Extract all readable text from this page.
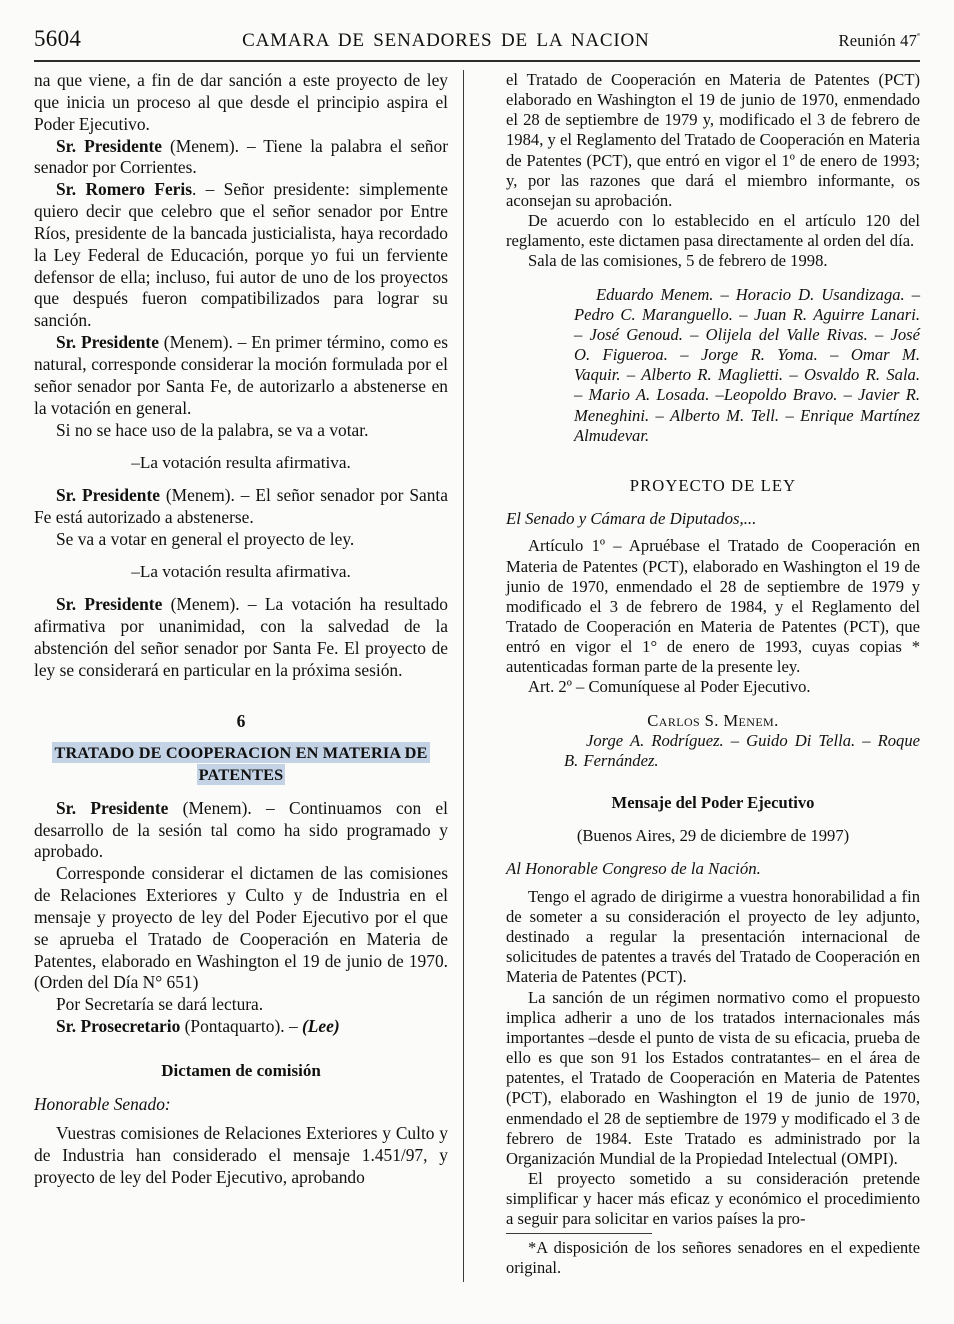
5604	CAMARA DE SENADORES DE LA NACION	Reunión $47^ª$

na que viene, a fin de dar sanción a este proyecto de ley que inicia un proceso al que desde el principio aspira el Poder Ejecutivo.

Sr. Presidente (Menem). – Tiene la palabra el señor senador por Corrientes.

Sr. Romero Feris. – Señor presidente: simplemente quiero decir que celebro que el señor senador por Entre Ríos, presidente de la bancada justicialista, haya recordado la Ley Federal de Educación, porque yo fui un ferviente defensor de ella; incluso, fui autor de uno de los proyectos que después fueron compatibilizados para lograr su sanción.

Sr. Presidente (Menem). – En primer término, como es natural, corresponde considerar la moción formulada por el señor senador por Santa Fe, de autorizarlo a abstenerse en la votación en general.

Si no se hace uso de la palabra, se va a votar.

–La votación resulta afirmativa.

Sr. Presidente (Menem). – El señor senador por Santa Fe está autorizado a abstenerse.

Se va a votar en general el proyecto de ley.

–La votación resulta afirmativa.

Sr. Presidente (Menem). – La votación ha resultado afirmativa por unanimidad, con la salvedad de la abstención del señor senador por Santa Fe. El proyecto de ley se considerará en particular en la próxima sesión.

6

TRATADO DE COOPERACION EN MATERIA DE PATENTES

Sr. Presidente (Menem). – Continuamos con el desarrollo de la sesión tal como ha sido programado y aprobado.

Corresponde considerar el dictamen de las comisiones de Relaciones Exteriores y Culto y de Industria en el mensaje y proyecto de ley del Poder Ejecutivo por el que se aprueba el Tratado de Cooperación en Materia de Patentes, elaborado en Washington el 19 de junio de 1970. (Orden del Día N° 651)

Por Secretaría se dará lectura.

Sr. Prosecretario (Pontaquarto). – (Lee)

Dictamen de comisión

Honorable Senado:

Vuestras comisiones de Relaciones Exteriores y Culto y de Industria han considerado el mensaje 1.451/97, y proyecto de ley del Poder Ejecutivo, aprobando

el Tratado de Cooperación en Materia de Patentes (PCT) elaborado en Washington el 19 de junio de 1970, enmendado el 28 de septiembre de 1979 y, modificado el 3 de febrero de 1984, y el Reglamento del Tratado de Cooperación en Materia de Patentes (PCT), que entró en vigor el 1º de enero de 1993; y, por las razones que dará el miembro informante, os aconsejan su aprobación.

De acuerdo con lo establecido en el artículo 120 del reglamento, este dictamen pasa directamente al orden del día.

Sala de las comisiones, 5 de febrero de 1998.

Eduardo Menem. – Horacio D. Usandizaga. – Pedro C. Maranguello. – Juan R. Aguirre Lanari. – José Genoud. – Olijela del Valle Rivas. – José O. Figueroa. – Jorge R. Yoma. – Omar M. Vaquir. – Alberto R. Maglietti. – Osvaldo R. Sala. – Mario A. Losada. –Leopoldo Bravo. – Javier R. Meneghini. – Alberto M. Tell. – Enrique Martínez Almudevar.

PROYECTO DE LEY

El Senado y Cámara de Diputados,...

Artículo 1º – Apruébase el Tratado de Cooperación en Materia de Patentes (PCT), elaborado en Washington el 19 de junio de 1970, enmendado el 28 de septiembre de 1979 y modificado el 3 de febrero de 1984, y el Reglamento del Tratado de Cooperación en Materia de Patentes (PCT), que entró en vigor el 1° de enero de 1993, cuyas copias * autenticadas forman parte de la presente ley.

Art. 2º – Comuníquese al Poder Ejecutivo.

Carlos S. Menem.

Jorge A. Rodríguez. – Guido Di Tella. – Roque B. Fernández.

Mensaje del Poder Ejecutivo

(Buenos Aires, 29 de diciembre de 1997)

Al Honorable Congreso de la Nación.

Tengo el agrado de dirigirme a vuestra honorabilidad a fin de someter a su consideración el proyecto de ley adjunto, destinado a regular la presentación internacional de solicitudes de patentes a través del Tratado de Cooperación en Materia de Patentes (PCT).

La sanción de un régimen normativo como el propuesto implica adherir a uno de los tratados internacionales más importantes –desde el punto de vista de su eficacia, prueba de ello es que son 91 los Estados contratantes– en el área de patentes, el Tratado de Cooperación en Materia de Patentes (PCT), elaborado en Washington el 19 de junio de 1970, enmendado el 28 de septiembre de 1979 y modificado el 3 de febrero de 1984. Este Tratado es administrado por la Organización Mundial de la Propiedad Intelectual (OMPI).

El proyecto sometido a su consideración pretende simplificar y hacer más eficaz y económico el procedimiento a seguir para solicitar en varios países la pro-

*A disposición de los señores senadores en el expediente original.
